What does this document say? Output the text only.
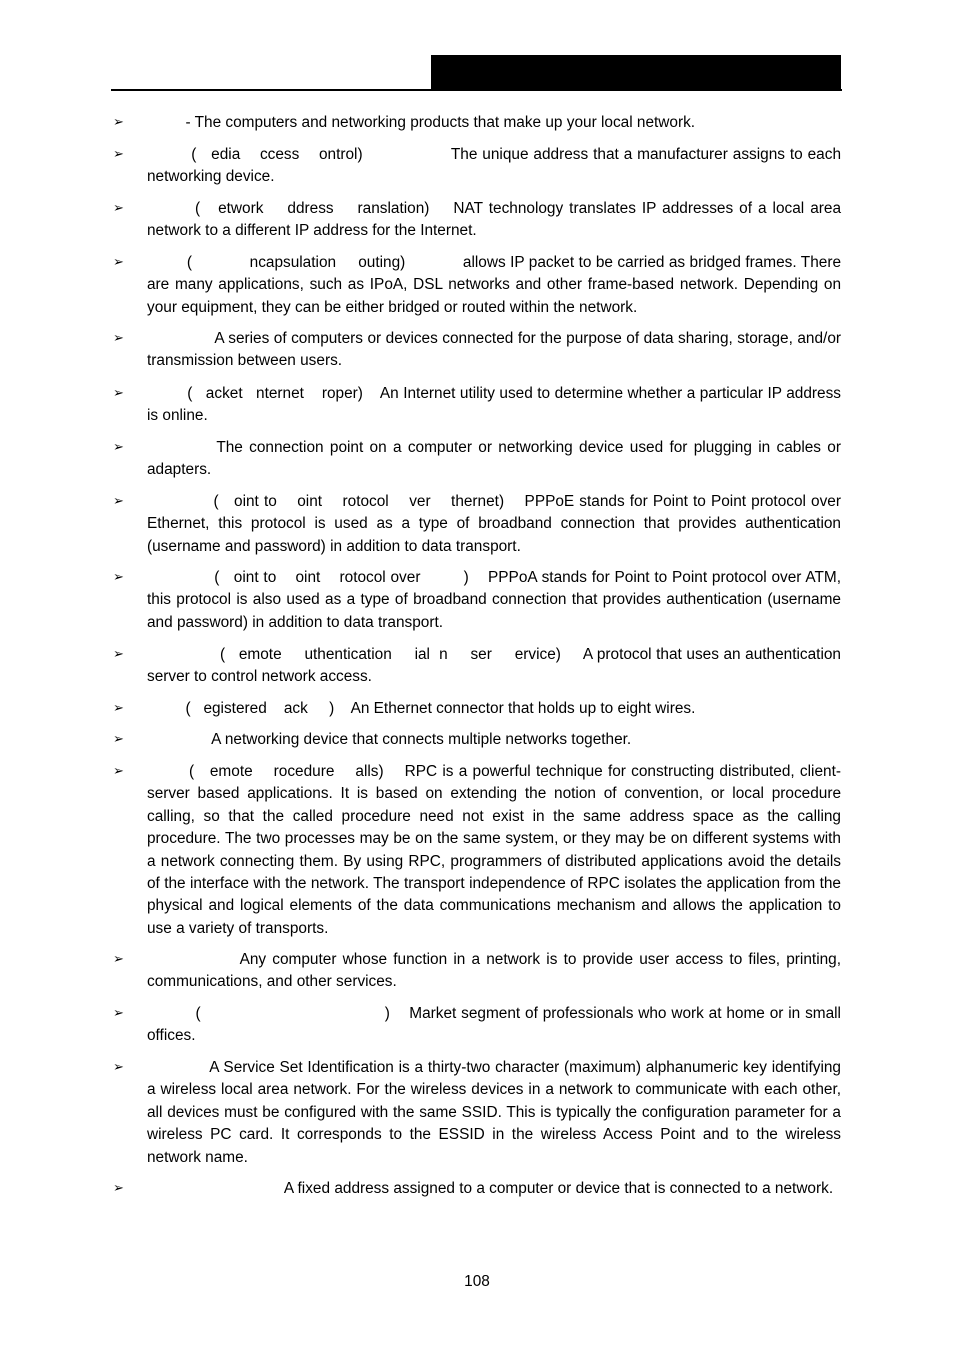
➢	- The computers and networking products that make up your local network.
➢	(   edia    ccess    ontrol)                  The unique address that a manufacturer assigns to each networking device.
➢	(   etwork    ddress    ranslation)    NAT technology translates IP addresses of a local area network to a different IP address for the Internet.
➢	(             ncapsulation     outing)             allows IP packet to be carried as bridged frames. There are many applications, such as IPoA, DSL networks and other frame-based network. Depending on your equipment, they can be either bridged or routed within the network.
➢	A series of computers or devices connected for the purpose of data sharing, storage, and/or transmission between users.
➢	(   acket   nternet    roper)    An Internet utility used to determine whether a particular IP address is online.
➢	The connection point on a computer or networking device used for plugging in cables or adapters.
➢	(   oint to    oint    rotocol    ver    thernet)    PPPoE stands for Point to Point protocol over Ethernet, this protocol is used as a type of broadband connection that provides authentication (username and password) in addition to data transport.
➢	(   oint to    oint    rotocol over         )    PPPoA stands for Point to Point protocol over ATM, this protocol is also used as a type of broadband connection that provides authentication (username and password) in addition to data transport.
➢	(   emote     uthentication     ial  n     ser     ervice)     A protocol that uses an authentication server to control network access.
➢	(   egistered    ack     )    An Ethernet connector that holds up to eight wires.
➢	A networking device that connects multiple networks together.
➢	(   emote    rocedure    alls)    RPC is a powerful technique for constructing distributed, client-server based applications. It is based on extending the notion of convention, or local procedure calling, so that the called procedure need not exist in the same address space as the calling procedure. The two processes may be on the same system, or they may be on different systems with a network connecting them. By using RPC, programmers of distributed applications avoid the details of the interface with the network. The transport independence of RPC isolates the application from the physical and logical elements of the data communications mechanism and allows the application to use a variety of transports.
➢	Any computer whose function in a network is to provide user access to files, printing, communications, and other services.
➢	(                                      )    Market segment of professionals who work at home or in small offices.
➢	A Service Set Identification is a thirty-two character (maximum) alphanumeric key identifying a wireless local area network. For the wireless devices in a network to communicate with each other, all devices must be configured with the same SSID. This is typically the configuration parameter for a wireless PC card. It corresponds to the ESSID in the wireless Access Point and to the wireless network name.
➢	A fixed address assigned to a computer or device that is connected to a network.
108
